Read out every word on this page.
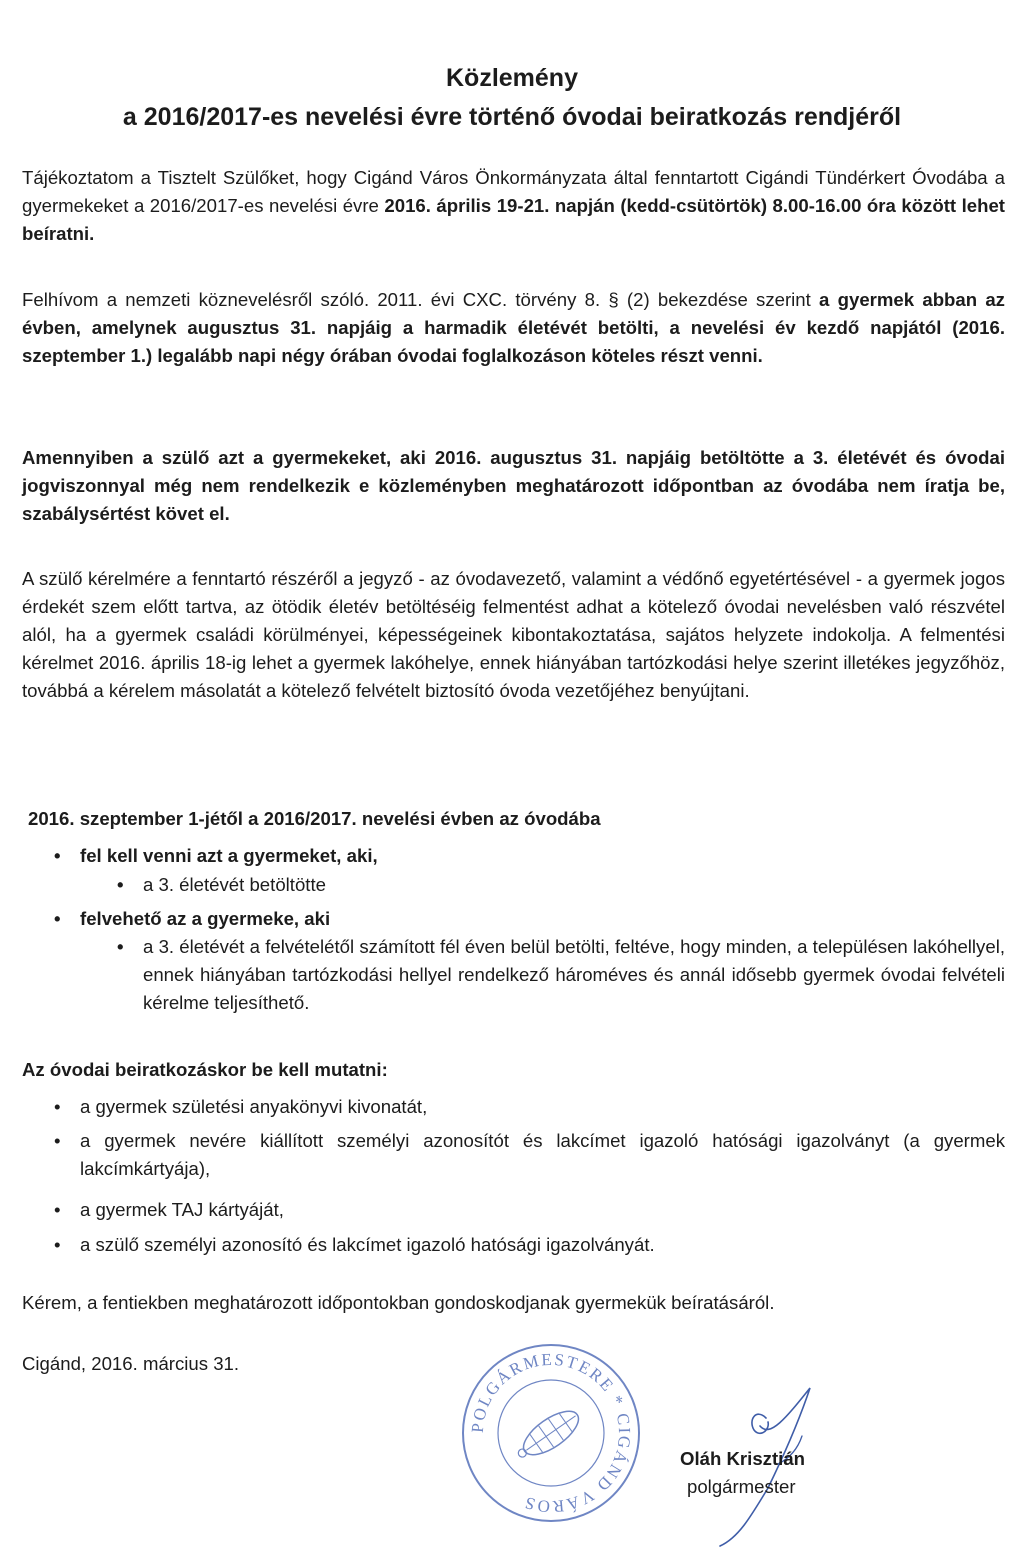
Közlemény
a 2016/2017-es nevelési évre történő óvodai beiratkozás rendjéről
Tájékoztatom a Tisztelt Szülőket, hogy Cigánd Város Önkormányzata által fenntartott Cigándi Tündérkert Óvodába a gyermekeket a 2016/2017-es nevelési évre 2016. április 19-21. napján (kedd-csütörtök) 8.00-16.00 óra között lehet beíratni.
Felhívom a nemzeti köznevelésről szóló. 2011. évi CXC. törvény 8. § (2) bekezdése szerint a gyermek abban az évben, amelynek augusztus 31. napjáig a harmadik életévét betölti, a nevelési év kezdő napjától (2016. szeptember 1.) legalább napi négy órában óvodai foglalkozáson köteles részt venni.
Amennyiben a szülő azt a gyermekeket, aki 2016. augusztus 31. napjáig betöltötte a 3. életévét és óvodai jogviszonnyal még nem rendelkezik e közleményben meghatározott időpontban az óvodába nem íratja be, szabálysértést követ el.
A szülő kérelmére a fenntartó részéről a jegyző - az óvodavezető, valamint a védőnő egyetértésével - a gyermek jogos érdekét szem előtt tartva, az ötödik életév betöltéséig felmentést adhat a kötelező óvodai nevelésben való részvétel alól, ha a gyermek családi körülményei, képességeinek kibontakoztatása, sajátos helyzete indokolja. A felmentési kérelmet 2016. április 18-ig lehet a gyermek lakóhelye, ennek hiányában tartózkodási helye szerint illetékes jegyzőhöz, továbbá a kérelem másolatát a kötelező felvételt biztosító óvoda vezetőjéhez benyújtani.
2016. szeptember 1-jétől a 2016/2017. nevelési évben az óvodába
• fel kell venni azt a gyermeket, aki,
• a 3. életévét betöltötte
• felvehető az a gyermeke, aki
• a 3. életévét a felvételétől számított fél éven belül betölti, feltéve, hogy minden, a településen lakóhellyel, ennek hiányában tartózkodási hellyel rendelkező hároméves és annál idősebb gyermek óvodai felvételi kérelme teljesíthető.
Az óvodai beiratkozáskor be kell mutatni:
• a gyermek születési anyakönyvi kivonatát,
• a gyermek nevére kiállított személyi azonosítót és lakcímet igazoló hatósági igazolványt (a gyermek lakcímkártyája),
• a gyermek TAJ kártyáját,
• a szülő személyi azonosító és lakcímet igazoló hatósági igazolványát.
Kérem, a fentiekben meghatározott időpontokban gondoskodjanak gyermekük beíratásáról.
Cigánd, 2016. március 31.
POLGÁRMESTERE * CIGÁND VÁROS
Oláh Krisztián
polgármester
